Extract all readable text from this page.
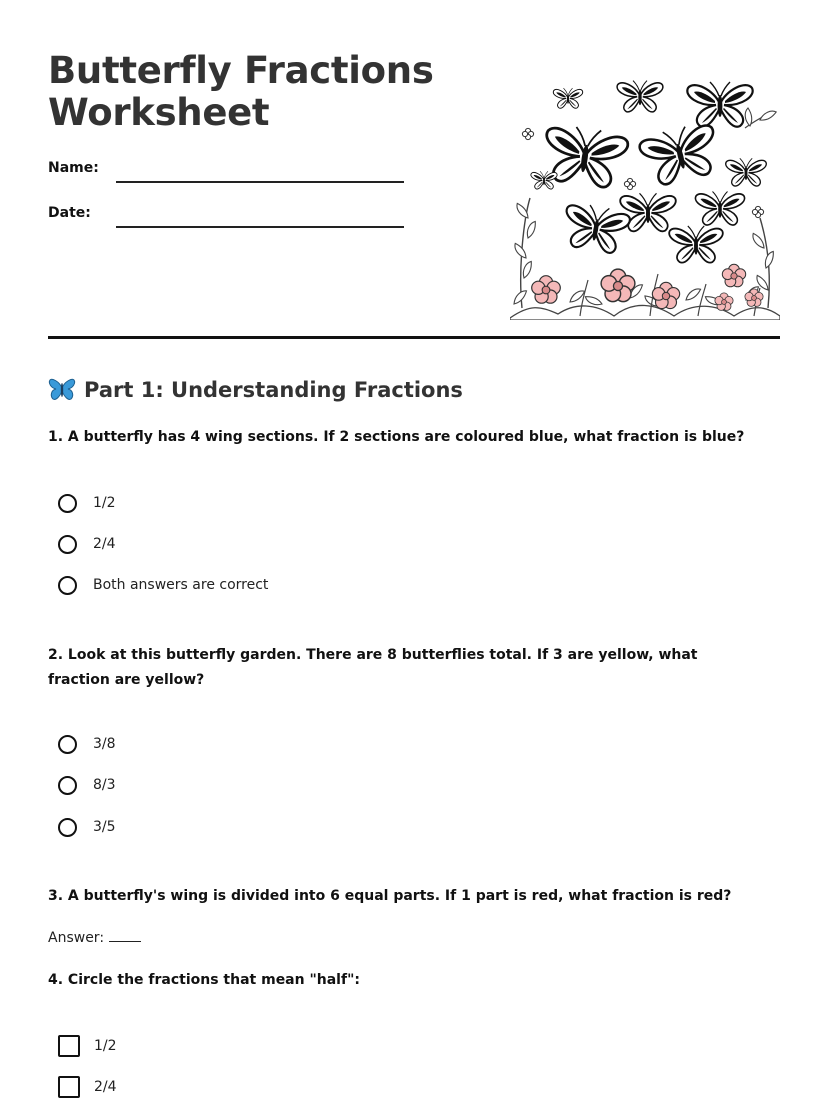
Butterfly Fractions Worksheet
Name:
Date:
Part 1: Understanding Fractions

1. A butterfly has 4 wing sections. If 2 sections are coloured blue, what fraction is blue?

1/2
2/4
Both answers are correct

2. Look at this butterfly garden. There are 8 butterflies total. If 3 are yellow, what fraction are yellow?

3/8
8/3
3/5

3. A butterfly's wing is divided into 6 equal parts. If 1 part is red, what fraction is red?

Answer:

4. Circle the fractions that mean "half":

1/2
2/4
